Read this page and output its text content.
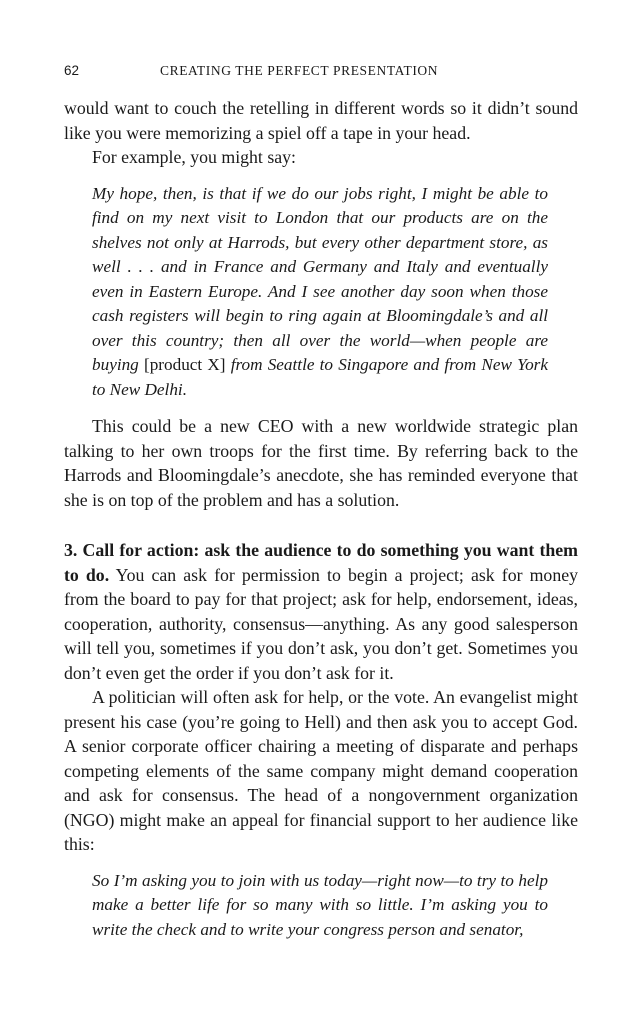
62	CREATING THE PERFECT PRESENTATION

would want to couch the retelling in different words so it didn’t sound like you were memorizing a spiel off a tape in your head.

For example, you might say:

My hope, then, is that if we do our jobs right, I might be able to find on my next visit to London that our products are on the shelves not only at Harrods, but every other department store, as well . . . and in France and Germany and Italy and eventually even in Eastern Europe. And I see another day soon when those cash registers will begin to ring again at Bloomingdale’s and all over this country; then all over the world—when people are buying [product X] from Seattle to Singapore and from New York to New Delhi.

This could be a new CEO with a new worldwide strategic plan talking to her own troops for the first time. By referring back to the Harrods and Bloomingdale’s anecdote, she has reminded everyone that she is on top of the problem and has a solution.

3. Call for action: ask the audience to do something you want them to do. You can ask for permission to begin a project; ask for money from the board to pay for that project; ask for help, endorsement, ideas, cooperation, authority, consensus—anything. As any good salesperson will tell you, sometimes if you don’t ask, you don’t get. Sometimes you don’t even get the order if you don’t ask for it.

A politician will often ask for help, or the vote. An evangelist might present his case (you’re going to Hell) and then ask you to accept God. A senior corporate officer chairing a meeting of disparate and perhaps competing elements of the same company might demand cooperation and ask for consensus. The head of a nongovernment organization (NGO) might make an appeal for financial support to her audience like this:

So I’m asking you to join with us today—right now—to try to help make a better life for so many with so little. I’m asking you to write the check and to write your congress person and senator,
